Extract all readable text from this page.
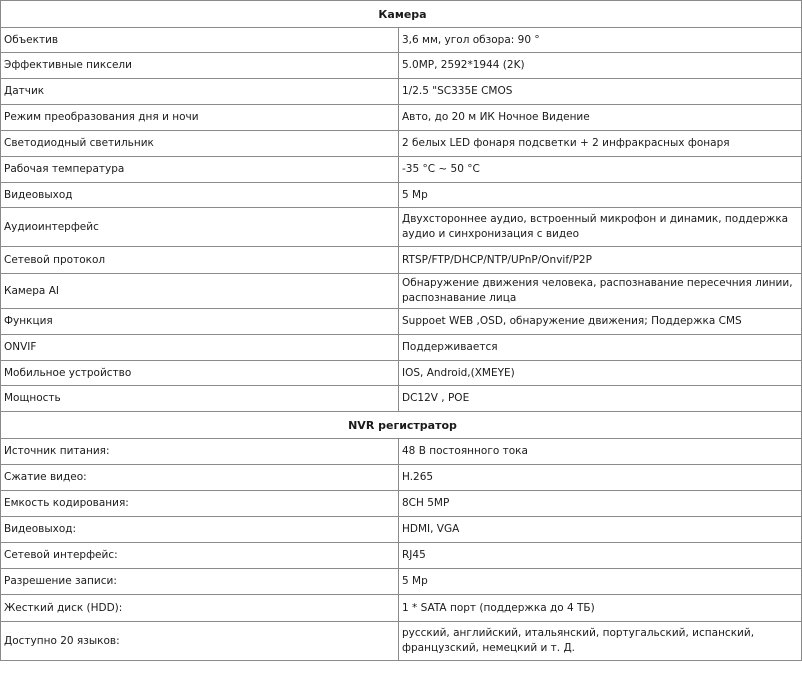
Камера	
Объектив	3,6 мм, угол обзора: 90 °
Эффективные пиксели	5.0MP, 2592*1944 (2K)
Датчик	1/2.5 "SC335E CMOS
Режим преобразования дня и ночи	Авто, до 20 м ИК Ночное Видение
Светодиодный светильник	2 белых LED фонаря подсветки + 2 инфракрасных фонаря
Рабочая температура	-35 °C ~ 50 °C
Видеовыход	5 Мр
Аудиоинтерфейс	Двухстороннее аудио, встроенный микрофон и динамик, поддержка аудио и синхронизация с видео
Сетевой протокол	RTSP/FTP/DHCP/NTP/UPnP/Onvif/P2P
Камера AI	Обнаружение движения человека, распознавание пересечния линии, распознавание лица
Функция	Suppoet WEB ,OSD, обнаружение движения; Поддержка CMS
ONVIF	Поддерживается
Мобильное устройство	IOS, Android,(XMEYE)
Мощность	DC12V , POE
NVR регистратор	
Источник питания:	48 В постоянного тока
Сжатие видео:	H.265
Емкость кодирования:	8CH 5MP
Видеовыход:	HDMI, VGA
Сетевой интерфейс:	RJ45
Разрешение записи:	5 Мр
Жесткий диск (HDD):	1 * SATA порт (поддержка до 4 ТБ)
Доступно 20 языков:	русский, английский, итальянский, португальский, испанский, французский, немецкий и т. Д.
